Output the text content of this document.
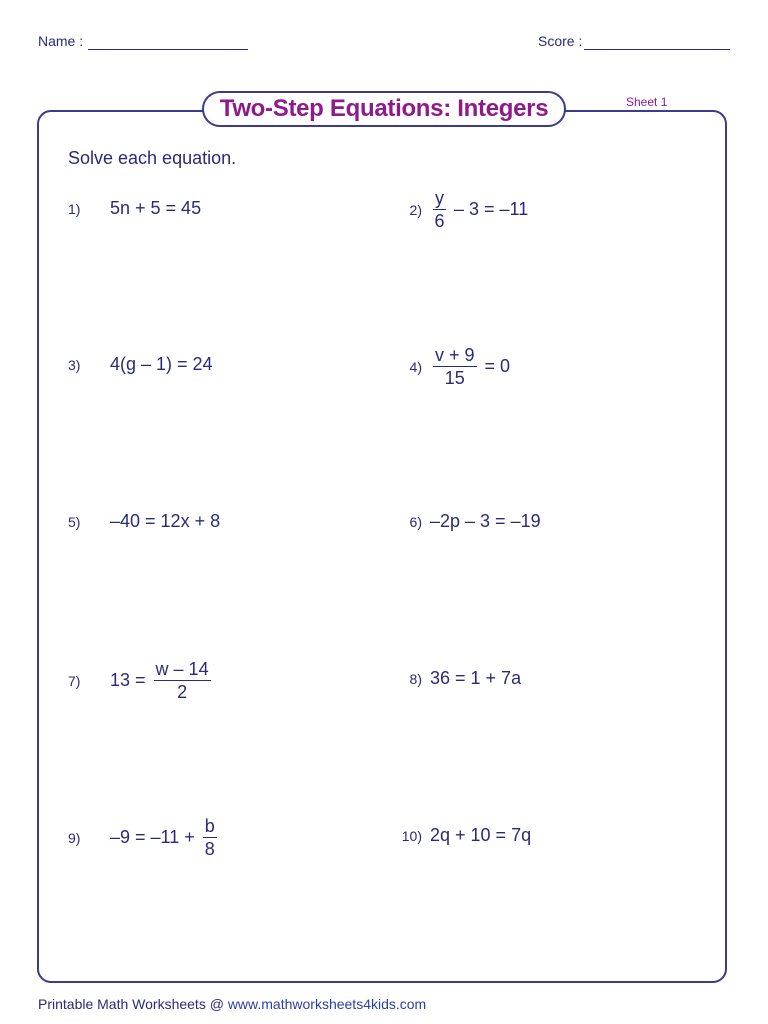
Name :	Score :
Two-Step Equations: Integers	Sheet 1
Solve each equation.
1)	5n + 5 = 45	$2) \frac{y}{6} - 3 = -11$
3)	4(g – 1) = 24	$4) \frac{v + 9}{15} = 0$
5)	–40 = 12x + 8	6) –2p – 3 = –19
7)	$13 = \frac{w - 14}{2}$	8) 36 = 1 + 7a
9)	$-9 = -11 + \frac{b}{8}$	10) 2q + 10 = 7q
Printable Math Worksheets @ www.mathworksheets4kids.com
